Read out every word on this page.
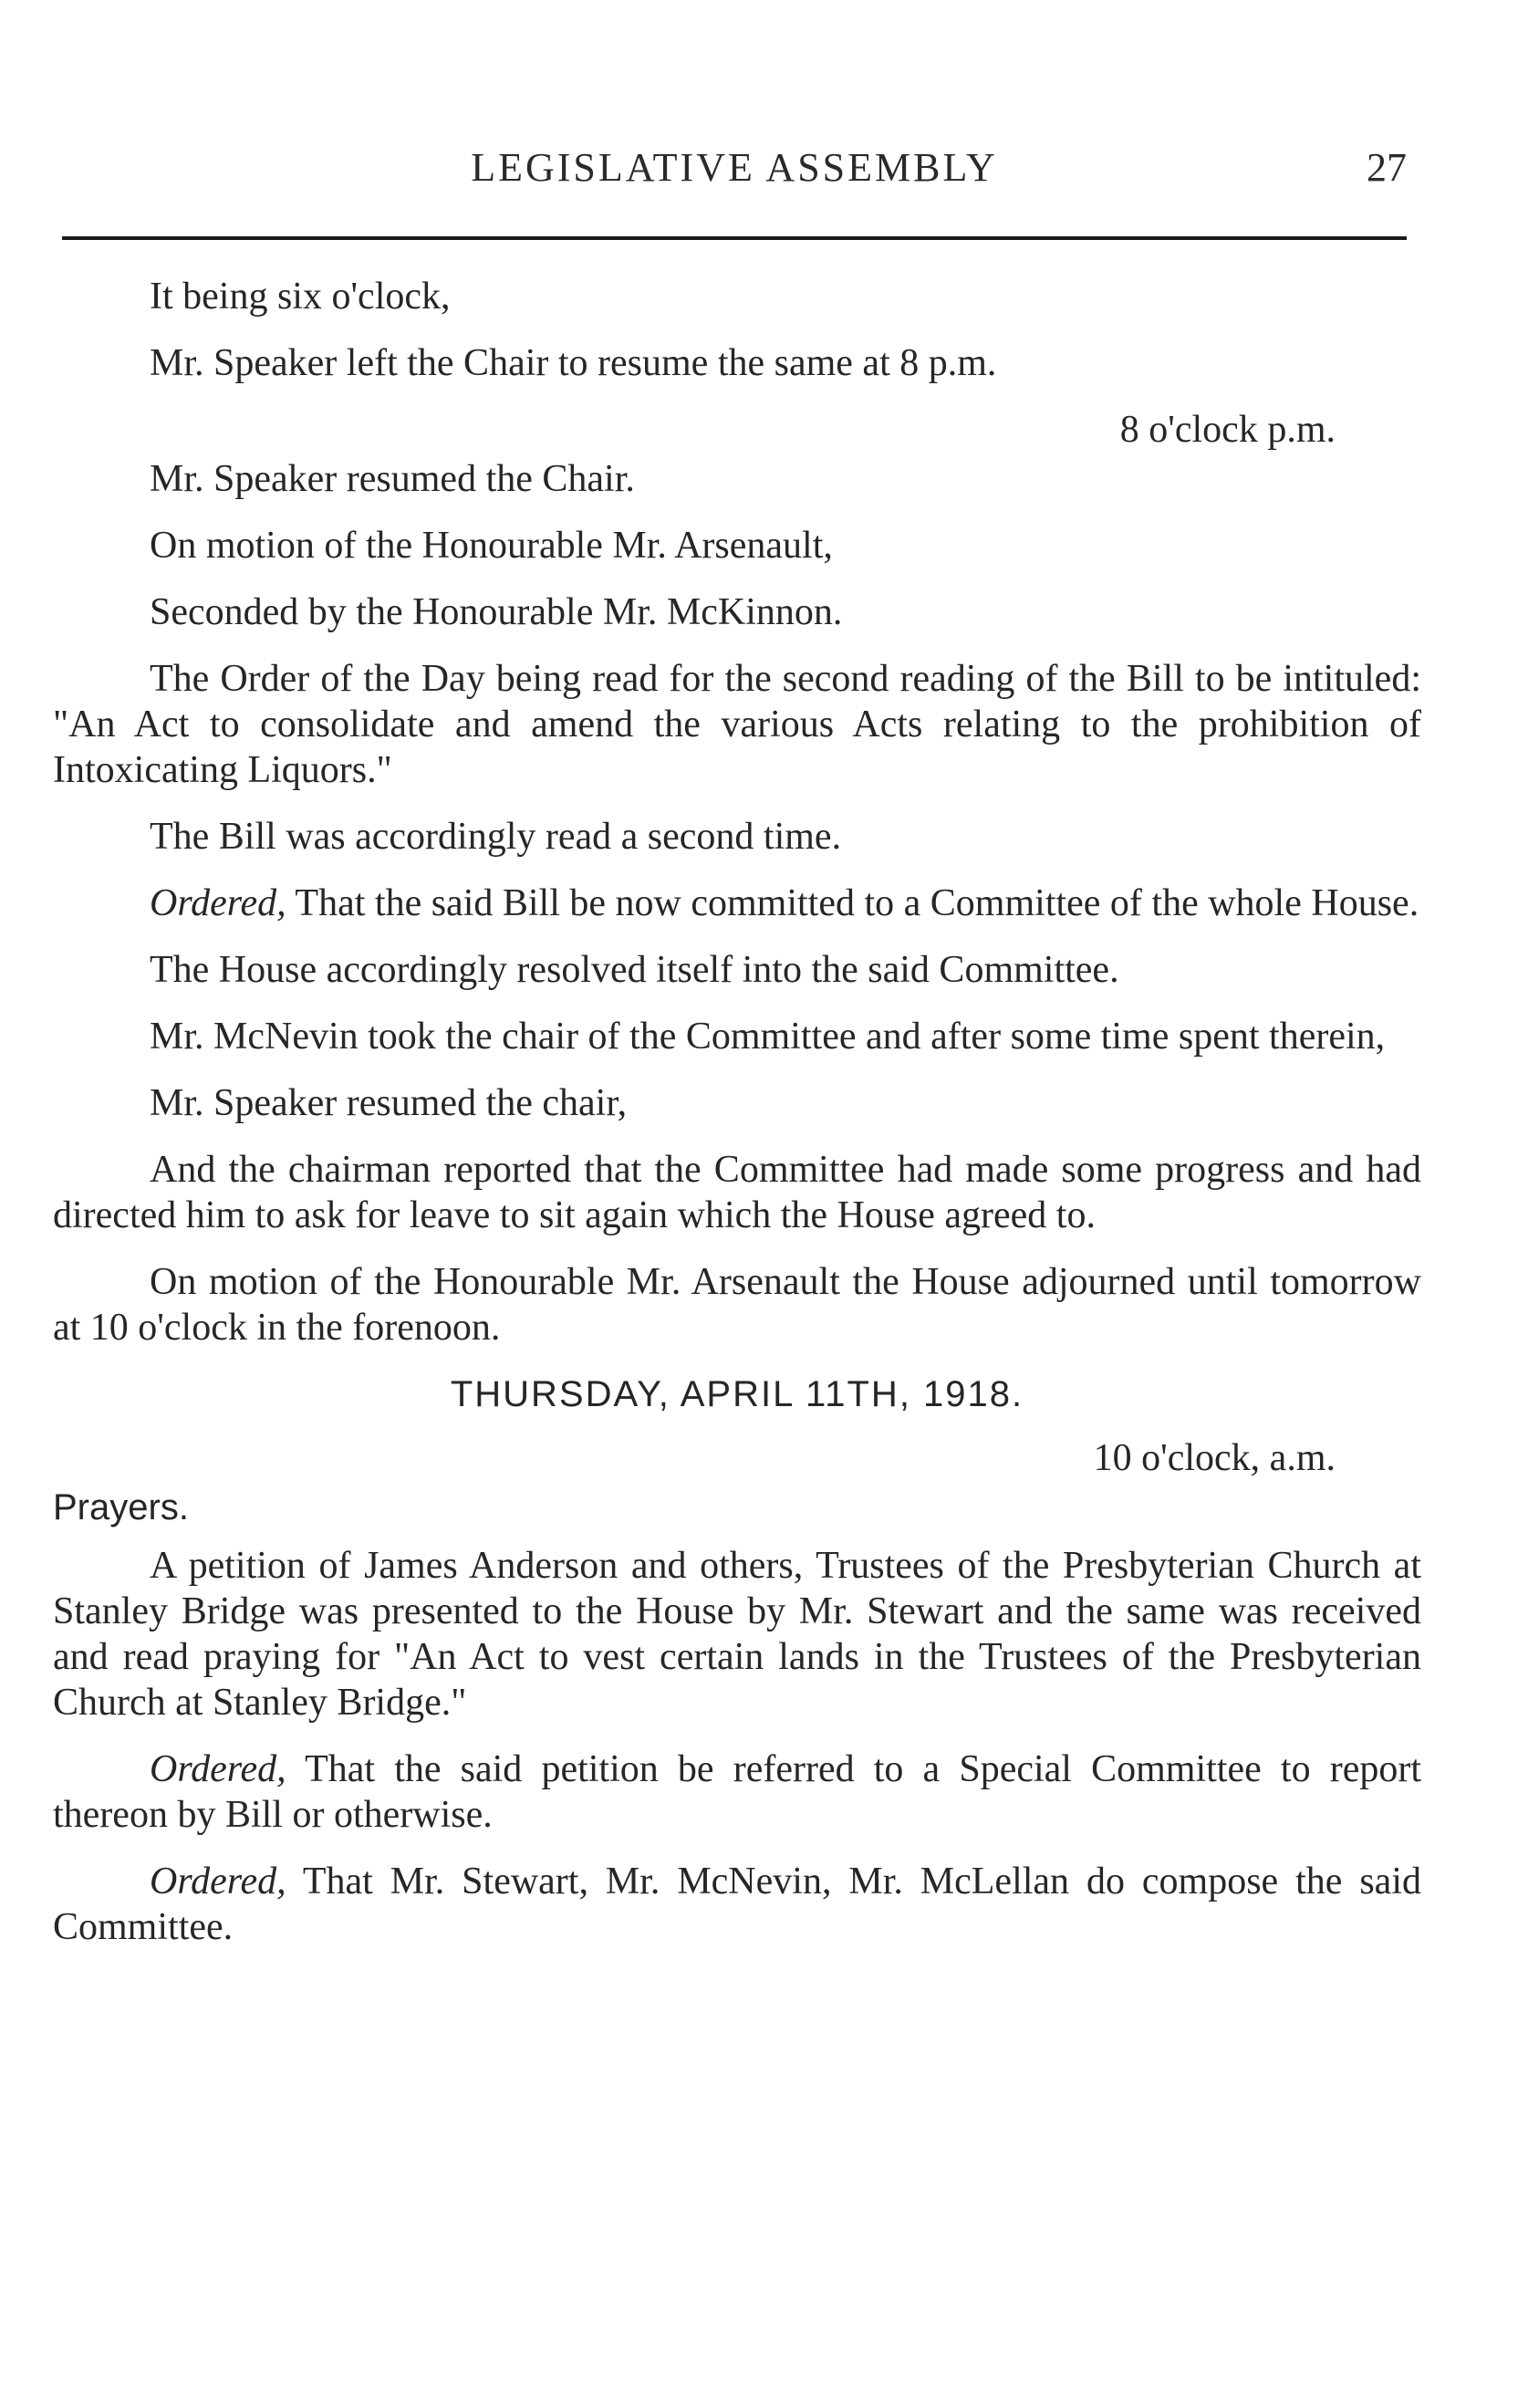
LEGISLATIVE ASSEMBLY	27

It being six o'clock,

Mr. Speaker left the Chair to resume the same at 8 p.m.

8 o'clock p.m.

Mr. Speaker resumed the Chair.

On motion of the Honourable Mr. Arsenault,

Seconded by the Honourable Mr. McKinnon.

The Order of the Day being read for the second reading of the Bill to be intituled: "An Act to consolidate and amend the various Acts relating to the prohibition of Intoxicating Liquors."

The Bill was accordingly read a second time.

Ordered, That the said Bill be now committed to a Committee of the whole House.

The House accordingly resolved itself into the said Committee.

Mr. McNevin took the chair of the Committee and after some time spent therein,

Mr. Speaker resumed the chair,

And the chairman reported that the Committee had made some progress and had directed him to ask for leave to sit again which the House agreed to.

On motion of the Honourable Mr. Arsenault the House adjourned until tomorrow at 10 o'clock in the forenoon.

THURSDAY, APRIL 11TH, 1918.

10 o'clock, a.m.

Prayers.

A petition of James Anderson and others, Trustees of the Presbyterian Church at Stanley Bridge was presented to the House by Mr. Stewart and the same was received and read praying for "An Act to vest certain lands in the Trustees of the Presbyterian Church at Stanley Bridge."

Ordered, That the said petition be referred to a Special Committee to report thereon by Bill or otherwise.

Ordered, That Mr. Stewart, Mr. McNevin, Mr. McLellan do compose the said Committee.
